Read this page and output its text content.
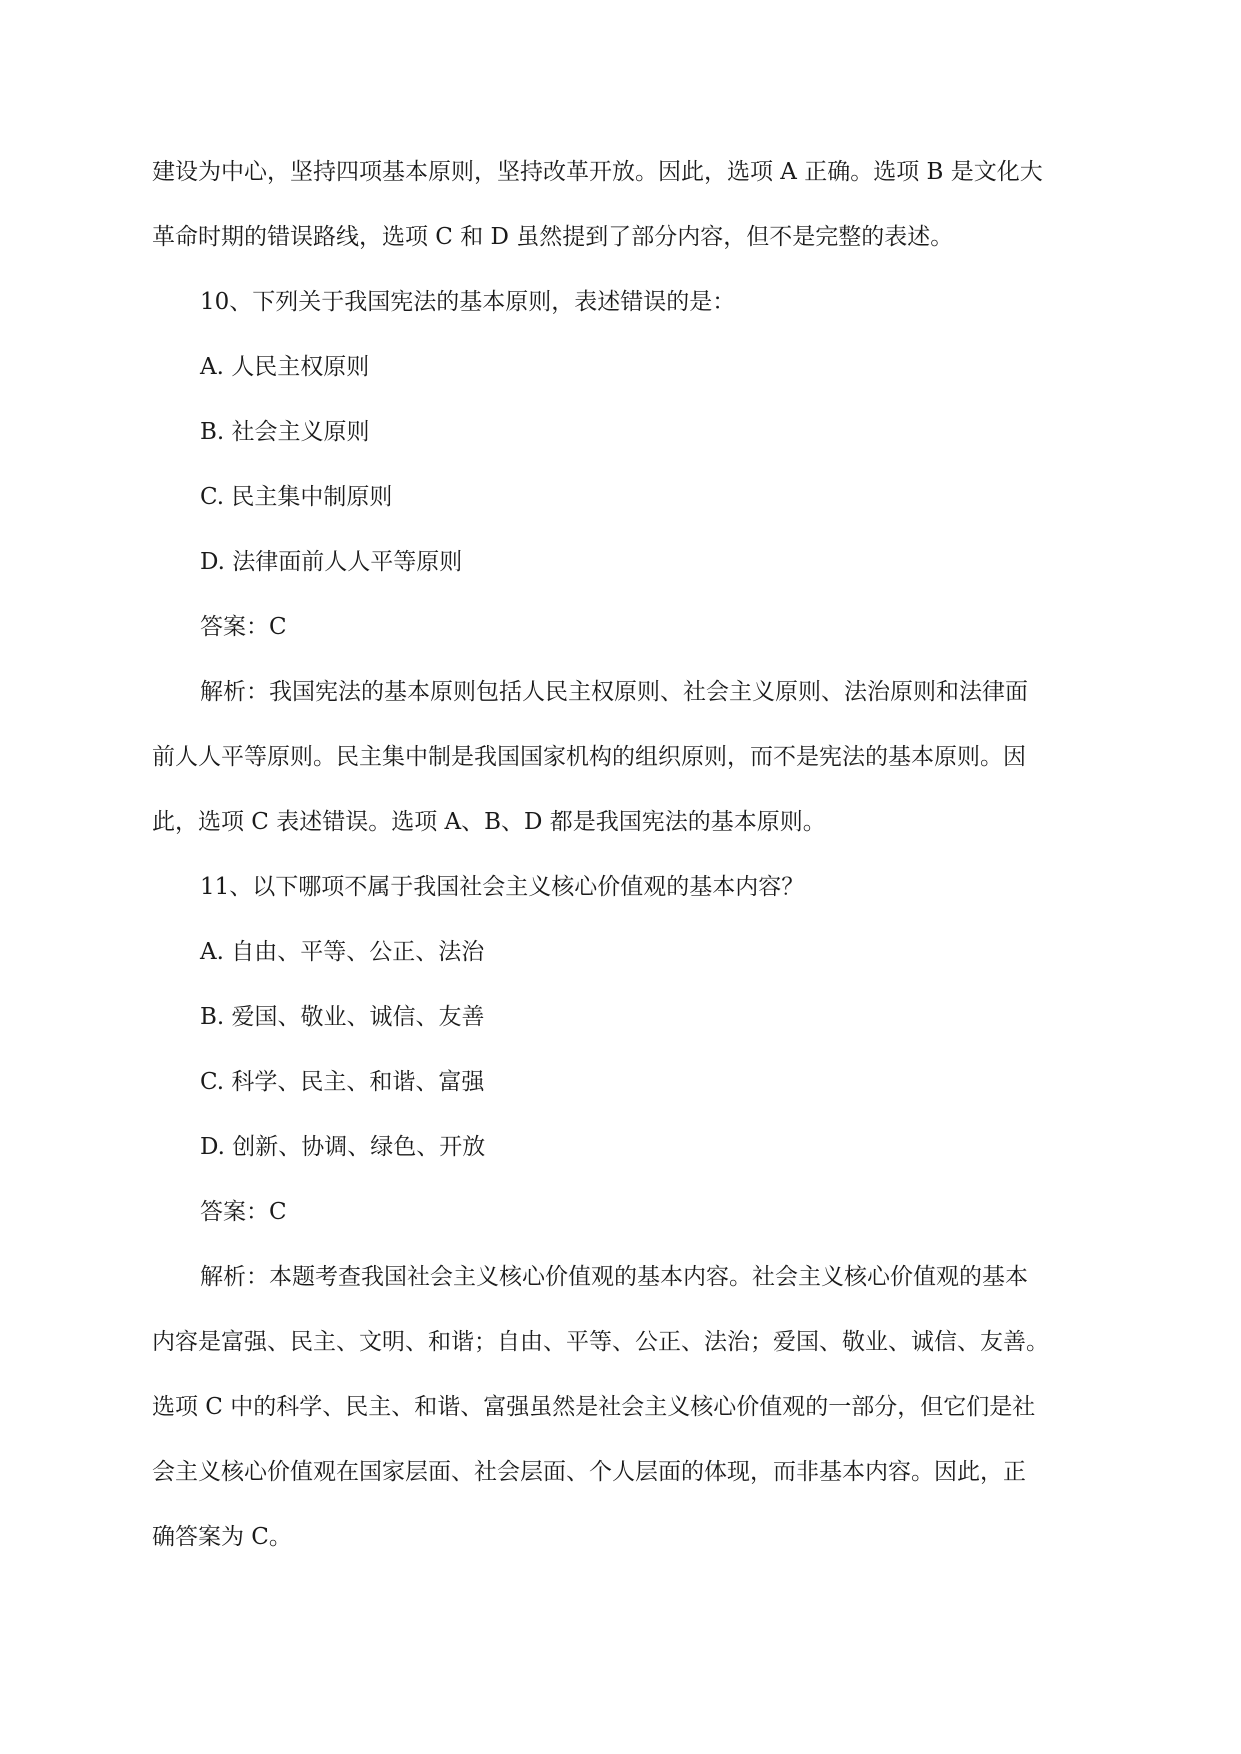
建设为中心，坚持四项基本原则，坚持改革开放。因此，选项 A 正确。选项 B 是文化大

革命时期的错误路线，选项 C 和 D 虽然提到了部分内容，但不是完整的表述。

10、下列关于我国宪法的基本原则，表述错误的是：

A. 人民主权原则

B. 社会主义原则

C. 民主集中制原则

D. 法律面前人人平等原则

答案：C

解析：我国宪法的基本原则包括人民主权原则、社会主义原则、法治原则和法律面

前人人平等原则。民主集中制是我国国家机构的组织原则，而不是宪法的基本原则。因

此，选项 C 表述错误。选项 A、B、D 都是我国宪法的基本原则。

11、以下哪项不属于我国社会主义核心价值观的基本内容？

A. 自由、平等、公正、法治

B. 爱国、敬业、诚信、友善

C. 科学、民主、和谐、富强

D. 创新、协调、绿色、开放

答案：C

解析：本题考查我国社会主义核心价值观的基本内容。社会主义核心价值观的基本

内容是富强、民主、文明、和谐；自由、平等、公正、法治；爱国、敬业、诚信、友善。

选项 C 中的科学、民主、和谐、富强虽然是社会主义核心价值观的一部分，但它们是社

会主义核心价值观在国家层面、社会层面、个人层面的体现，而非基本内容。因此，正

确答案为 C。
